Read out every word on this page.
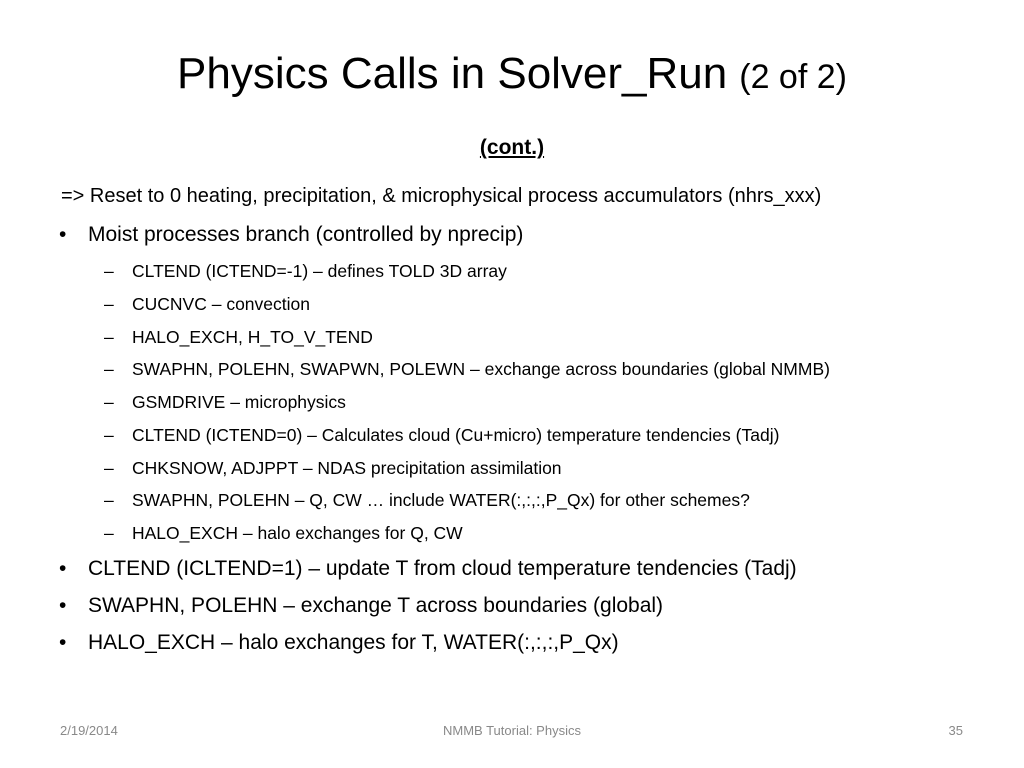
Physics Calls in Solver_Run (2 of 2)
(cont.)
=> Reset to 0 heating, precipitation, & microphysical process accumulators (nhrs_xxx)
• Moist processes branch (controlled by nprecip)
– CLTEND (ICTEND=-1) – defines TOLD 3D array
– CUCNVC – convection
– HALO_EXCH, H_TO_V_TEND
– SWAPHN, POLEHN, SWAPWN, POLEWN – exchange across boundaries (global NMMB)
– GSMDRIVE – microphysics
– CLTEND (ICTEND=0) – Calculates cloud (Cu+micro) temperature tendencies (Tadj)
– CHKSNOW, ADJPPT – NDAS precipitation assimilation
– SWAPHN, POLEHN – Q, CW … include WATER(:,:,:,P_Qx) for other schemes?
– HALO_EXCH – halo exchanges for Q, CW
• CLTEND (ICLTEND=1) – update T from cloud temperature tendencies (Tadj)
• SWAPHN, POLEHN – exchange T across boundaries (global)
• HALO_EXCH – halo exchanges for T, WATER(:,:,:,P_Qx)
2/19/2014	NMMB Tutorial: Physics	35
